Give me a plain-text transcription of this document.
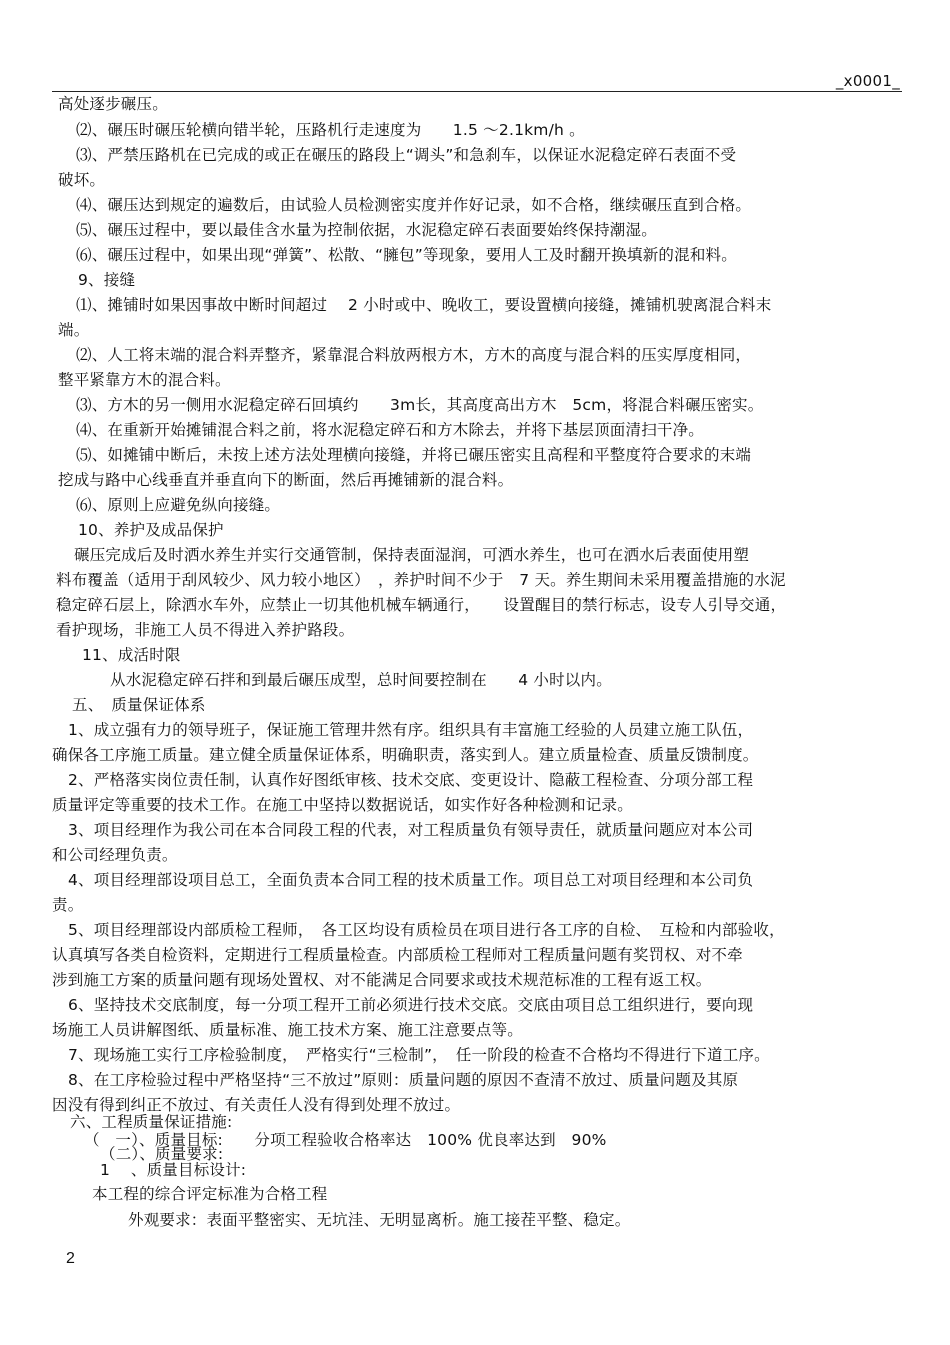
_x0001_
高处逐步碾压。
⑵、碾压时碾压轮横向错半轮，压路机行走速度为　　1.5 ～2.1km/h 。
⑶、严禁压路机在已完成的或正在碾压的路段上“调头”和急刹车，以保证水泥稳定碎石表面不受
破坏。
⑷、碾压达到规定的遍数后，由试验人员检测密实度并作好记录，如不合格，继续碾压直到合格。
⑸、碾压过程中，要以最佳含水量为控制依据，水泥稳定碎石表面要始终保持潮湿。
⑹、碾压过程中，如果出现“弹簧”、松散、“臃包”等现象，要用人工及时翻开换填新的混和料。
9、接缝
⑴、摊铺时如果因事故中断时间超过　 2 小时或中、晚收工，要设置横向接缝，摊铺机驶离混合料末
端。
⑵、人工将末端的混合料弄整齐，紧靠混合料放两根方木，方木的高度与混合料的压实厚度相同，
整平紧靠方木的混合料。
⑶、方木的另一侧用水泥稳定碎石回填约　　3m长，其高度高出方木　5cm，将混合料碾压密实。
⑷、在重新开始摊铺混合料之前，将水泥稳定碎石和方木除去，并将下基层顶面清扫干净。
⑸、如摊铺中断后，未按上述方法处理横向接缝，并将已碾压密实且高程和平整度符合要求的末端
挖成与路中心线垂直并垂直向下的断面，然后再摊铺新的混合料。
⑹、原则上应避免纵向接缝。
10、养护及成品保护
碾压完成后及时洒水养生并实行交通管制，保持表面湿润，可洒水养生，也可在洒水后表面使用塑
料布覆盖（适用于刮风较少、风力较小地区）　，养护时间不少于　7 天。养生期间未采用覆盖措施的水泥
稳定碎石层上，除洒水车外，应禁止一切其他机械车辆通行，　　设置醒目的禁行标志，设专人引导交通，
看护现场，非施工人员不得进入养护路段。
11、成活时限
从水泥稳定碎石拌和到最后碾压成型，总时间要控制在　　4 小时以内。
五、　质量保证体系
1、成立强有力的领导班子，保证施工管理井然有序。组织具有丰富施工经验的人员建立施工队伍，
确保各工序施工质量。建立健全质量保证体系，明确职责，落实到人。建立质量检查、质量反馈制度。
2、严格落实岗位责任制，认真作好图纸审核、技术交底、变更设计、隐蔽工程检查、分项分部工程
质量评定等重要的技术工作。在施工中坚持以数据说话，如实作好各种检测和记录。
3、项目经理作为我公司在本合同段工程的代表，对工程质量负有领导责任，就质量问题应对本公司
和公司经理负责。
4、项目经理部设项目总工，全面负责本合同工程的技术质量工作。项目总工对项目经理和本公司负
责。
5、项目经理部设内部质检工程师，　各工区均设有质检员在项目进行各工序的自检、　互检和内部验收，
认真填写各类自检资料，定期进行工程质量检查。内部质检工程师对工程质量问题有奖罚权、对不牵
涉到施工方案的质量问题有现场处置权、对不能满足合同要求或技术规范标准的工程有返工权。
6、坚持技术交底制度，每一分项工程开工前必须进行技术交底。交底由项目总工组织进行，要向现
场施工人员讲解图纸、质量标准、施工技术方案、施工注意要点等。
7、现场施工实行工序检验制度，　严格实行“三检制”，　任一阶段的检查不合格均不得进行下道工序。
8、在工序检验过程中严格坚持“三不放过”原则：质量问题的原因不查清不放过、质量问题及其原
因没有得到纠正不放过、有关责任人没有得到处理不放过。
六、工程质量保证措施:
（　一）、质量目标:　　分项工程验收合格率达　100% 优良率达到　90%
（二）、质量要求:
1　 、质量目标设计:
本工程的综合评定标准为合格工程
外观要求：表面平整密实、无坑洼、无明显离析。施工接茬平整、稳定。
2
